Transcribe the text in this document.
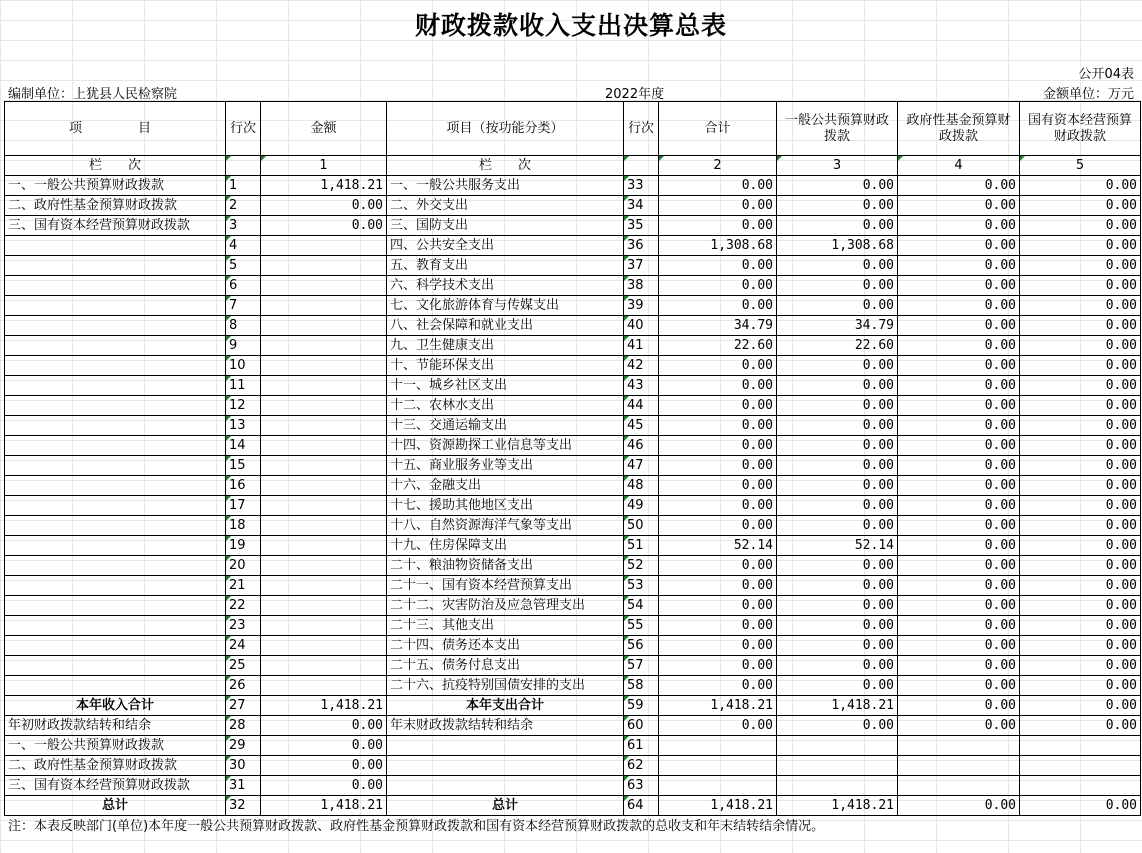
财政拨款收入支出决算总表
公开04表
编制单位：上犹县人民检察院	2022年度	金额单位：万元
项　　目	行次	金额	项目（按功能分类）	行次	合计	一般公共预算财政拨款	政府性基金预算财政拨款	国有资本经营预算财政拨款
栏　　次		1	栏　　次		2	3	4	5
一、一般公共预算财政拨款	1	1,418.21	一、一般公共服务支出	33	0.00	0.00	0.00	0.00
二、政府性基金预算财政拨款	2	0.00	二、外交支出	34	0.00	0.00	0.00	0.00
三、国有资本经营预算财政拨款	3	0.00	三、国防支出	35	0.00	0.00	0.00	0.00
	4		四、公共安全支出	36	1,308.68	1,308.68	0.00	0.00
	5		五、教育支出	37	0.00	0.00	0.00	0.00
	6		六、科学技术支出	38	0.00	0.00	0.00	0.00
	7		七、文化旅游体育与传媒支出	39	0.00	0.00	0.00	0.00
	8		八、社会保障和就业支出	40	34.79	34.79	0.00	0.00
	9		九、卫生健康支出	41	22.60	22.60	0.00	0.00
	10		十、节能环保支出	42	0.00	0.00	0.00	0.00
	11		十一、城乡社区支出	43	0.00	0.00	0.00	0.00
	12		十二、农林水支出	44	0.00	0.00	0.00	0.00
	13		十三、交通运输支出	45	0.00	0.00	0.00	0.00
	14		十四、资源勘探工业信息等支出	46	0.00	0.00	0.00	0.00
	15		十五、商业服务业等支出	47	0.00	0.00	0.00	0.00
	16		十六、金融支出	48	0.00	0.00	0.00	0.00
	17		十七、援助其他地区支出	49	0.00	0.00	0.00	0.00
	18		十八、自然资源海洋气象等支出	50	0.00	0.00	0.00	0.00
	19		十九、住房保障支出	51	52.14	52.14	0.00	0.00
	20		二十、粮油物资储备支出	52	0.00	0.00	0.00	0.00
	21		二十一、国有资本经营预算支出	53	0.00	0.00	0.00	0.00
	22		二十二、灾害防治及应急管理支出	54	0.00	0.00	0.00	0.00
	23		二十三、其他支出	55	0.00	0.00	0.00	0.00
	24		二十四、债务还本支出	56	0.00	0.00	0.00	0.00
	25		二十五、债务付息支出	57	0.00	0.00	0.00	0.00
	26		二十六、抗疫特别国债安排的支出	58	0.00	0.00	0.00	0.00
本年收入合计	27	1,418.21	本年支出合计	59	1,418.21	1,418.21	0.00	0.00
年初财政拨款结转和结余	28	0.00	年末财政拨款结转和结余	60	0.00	0.00	0.00	0.00
一、一般公共预算财政拨款	29	0.00		61				
二、政府性基金预算财政拨款	30	0.00		62				
三、国有资本经营预算财政拨款	31	0.00		63				
总计	32	1,418.21	总计	64	1,418.21	1,418.21	0.00	0.00
注：本表反映部门(单位)本年度一般公共预算财政拨款、政府性基金预算财政拨款和国有资本经营预算财政拨款的总收支和年末结转结余情况。
